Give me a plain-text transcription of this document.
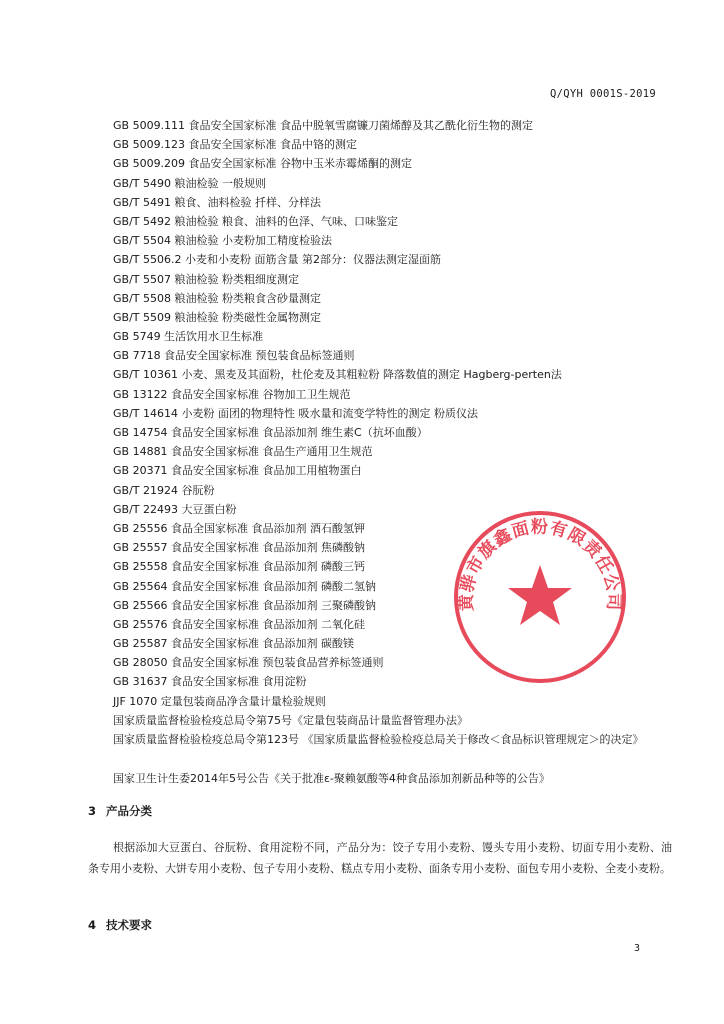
Q/QYH 0001S-2019
GB 5009.111 食品安全国家标准 食品中脱氧雪腐镰刀菌烯醇及其乙酰化衍生物的测定
GB 5009.123 食品安全国家标准 食品中铬的测定
GB 5009.209 食品安全国家标准 谷物中玉米赤霉烯酮的测定
GB/T 5490 粮油检验 一般规则
GB/T 5491 粮食、油料检验 扦样、分样法
GB/T 5492 粮油检验 粮食、油料的色泽、气味、口味鉴定
GB/T 5504 粮油检验 小麦粉加工精度检验法
GB/T 5506.2 小麦和小麦粉 面筋含量 第2部分：仪器法测定湿面筋
GB/T 5507 粮油检验 粉类粗细度测定
GB/T 5508 粮油检验 粉类粮食含砂量测定
GB/T 5509 粮油检验 粉类磁性金属物测定
GB 5749 生活饮用水卫生标准
GB 7718 食品安全国家标准 预包装食品标签通则
GB/T 10361 小麦、黑麦及其面粉，杜伦麦及其粗粒粉 降落数值的测定 Hagberg-perten法
GB 13122 食品安全国家标准 谷物加工卫生规范
GB/T 14614 小麦粉 面团的物理特性 吸水量和流变学特性的测定 粉质仪法
GB 14754 食品安全国家标准 食品添加剂 维生素C（抗坏血酸）
GB 14881 食品安全国家标准 食品生产通用卫生规范
GB 20371 食品安全国家标准 食品加工用植物蛋白
GB/T 21924 谷朊粉
GB/T 22493 大豆蛋白粉
GB 25556 食品全国家标准 食品添加剂 酒石酸氢钾
GB 25557 食品安全国家标准 食品添加剂 焦磷酸钠
GB 25558 食品安全国家标准 食品添加剂 磷酸三钙
GB 25564 食品安全国家标准 食品添加剂 磷酸二氢钠
GB 25566 食品安全国家标准 食品添加剂 三聚磷酸钠
GB 25576 食品安全国家标准 食品添加剂 二氧化硅
GB 25587 食品安全国家标准 食品添加剂 碳酸镁
GB 28050 食品安全国家标准 预包装食品营养标签通则
GB 31637 食品安全国家标准 食用淀粉
JJF 1070 定量包装商品净含量计量检验规则
国家质量监督检验检疫总局令第75号《定量包装商品计量监督管理办法》
国家质量监督检验检疫总局令第123号 《国家质量监督检验检疫总局关于修改＜食品标识管理规定＞的决定》
国家卫生计生委2014年5号公告《关于批准ε-聚赖氨酸等4种食品添加剂新品种等的公告》
3 产品分类
根据添加大豆蛋白、谷朊粉、食用淀粉不同，产品分为：饺子专用小麦粉、馒头专用小麦粉、切面专用小麦粉、油条专用小麦粉、大饼专用小麦粉、包子专用小麦粉、糕点专用小麦粉、面条专用小麦粉、面包专用小麦粉、全麦小麦粉。
4 技术要求
3
黄骅市旗鑫面粉有限责任公司
